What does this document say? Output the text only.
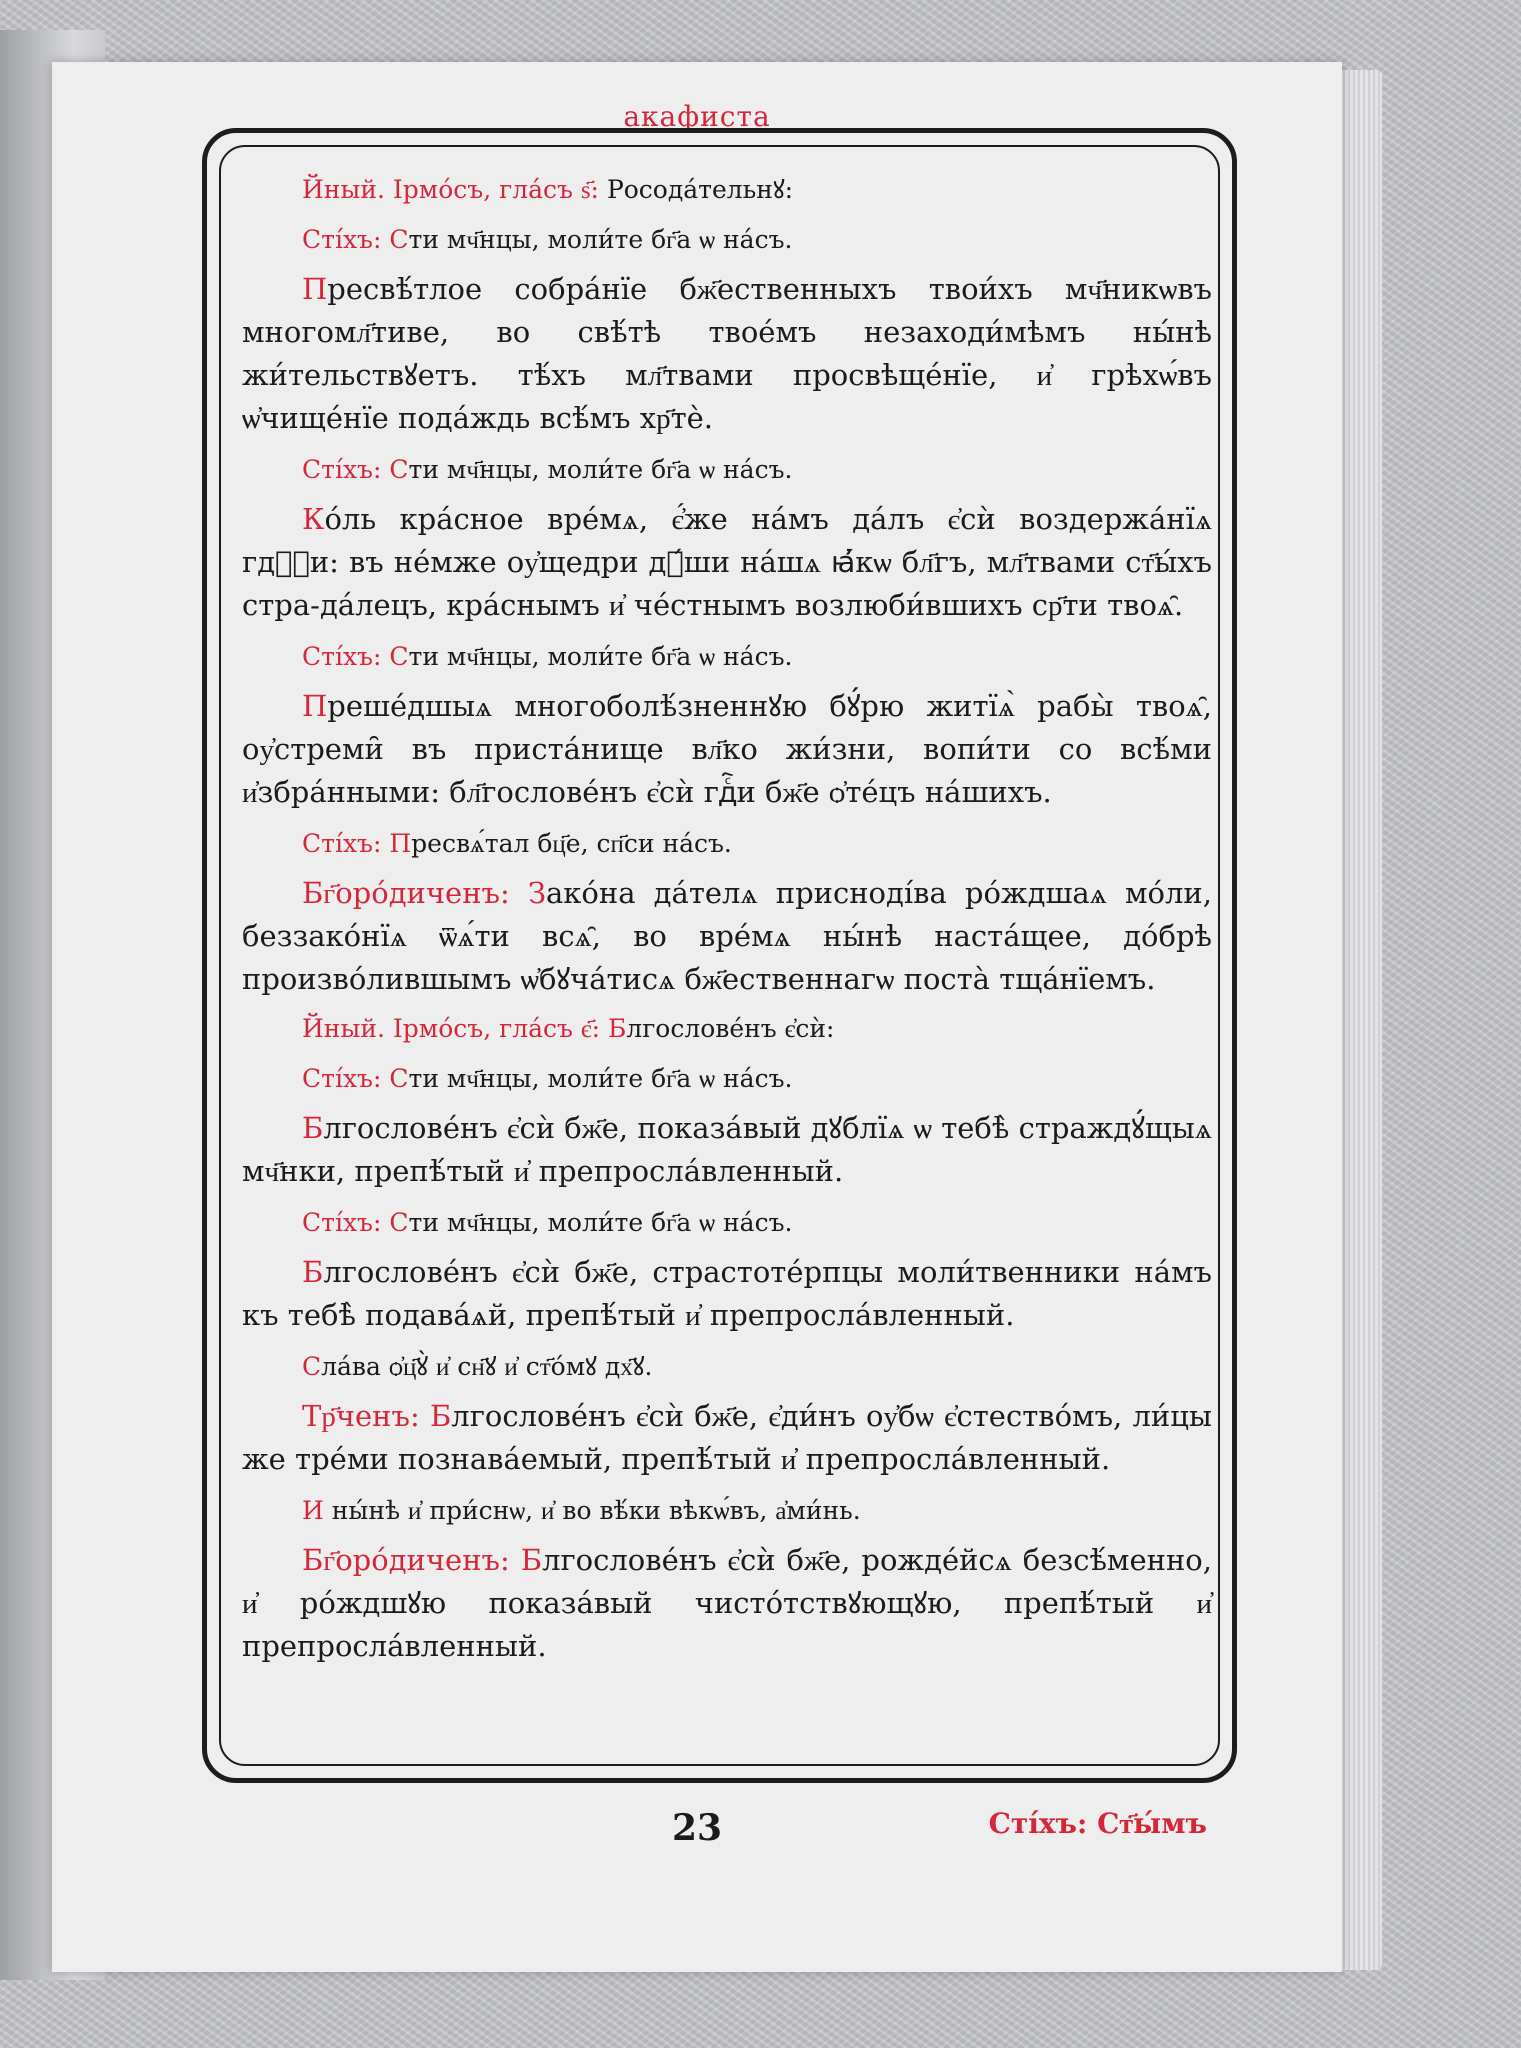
акафиста

Йный. Ірмо́съ, гла́съ ѕ҃: Росода́тельнꙋ:

Сті́хъ: Сти мч҃нцы, моли́те бг҃а ѡ на́съ.

Пресвѣ́тлое собра́нїе бж҃ественныхъ твои́хъ мч҃никѡвъ многомл҃тиве, во свѣ́тѣ твое́мъ незаходи́мѣмъ ны́нѣ жи́тельствꙋетъ. тѣ́хъ мл҃твами просвѣще́нїе, и҆ грѣхѡ́въ ѡ҆чище́нїе пода́ждь всѣ́мъ хр҃тѐ.

Сті́хъ: Сти мч҃нцы, моли́те бг҃а ѡ на́съ.

Ко́ль кра́сное вре́мѧ, є҆́же на́мъ да́лъ є҆сѝ воздержа́нїѧ гдⷭ҇и: въ не́мже оу҆щедри дꙋ́ши на́шѧ ꙗ҆́кѡ бл҃гъ, мл҃твами ст҃ы́хъ стра-да́лецъ, кра́снымъ и҆ че́стнымъ возлюби́вшихъ ср҃ти твоѧ̑.

Сті́хъ: Сти мч҃нцы, моли́те бг҃а ѡ на́съ.

Преше́дшыѧ многоболѣ́зненнꙋю бꙋ́рю житїѧ̀ рабы̀ твоѧ̑, оу҆стреми̑ въ приста́нище вл҃ко жи́зни, вопи́ти со всѣ́ми и҆збра́нными: бл҃гослове́нъ є҆сѝ гдⷭ҇и бж҃е ѻ҆те́цъ на́шихъ.

Сті́хъ: Пресвѧ́тал бц҃е, сп҃си на́съ.

Бг҃оро́диченъ: Зако́на да́телѧ присноді́ва ро́ждшаѧ мо́ли, беззако́нїѧ ѿѧ́ти всѧ̑, во вре́мѧ ны́нѣ наста́щее, до́брѣ произво́лившымъ ѡ҆бꙋча́тисѧ бж҃ественнагѡ поста̀ тща́нїемъ.

Йный. Ірмо́съ, гла́съ є҃: Блгослове́нъ є҆сѝ:

Сті́хъ: Сти мч҃нцы, моли́те бг҃а ѡ на́съ.

Блгослове́нъ є҆сѝ бж҃е, показа́вый дꙋблїѧ ѡ тебѣ̀ страждꙋ́щыѧ мч҃нки, препѣ́тый и҆ препросла́вленный.

Сті́хъ: Сти мч҃нцы, моли́те бг҃а ѡ на́съ.

Блгослове́нъ є҆сѝ бж҃е, страстоте́рпцы моли́твенники на́мъ къ тебѣ̀ подава́ѧй, препѣ́тый и҆ препросла́вленный.

Сла́ва ѻ҆ц҃ꙋ̀ и҆ сн҃ꙋ и҆ ст҃о́мꙋ дх҃ꙋ.

Тр҃ченъ: Блгослове́нъ є҆сѝ бж҃е, є҆ди́нъ оу҆бѡ є҆стество́мъ, ли́цы же тре́ми познава́емый, препѣ́тый и҆ препросла́вленный.

И ны́нѣ и҆ при́снѡ, и҆ во вѣ́ки вѣкѡ́въ, а҆ми́нь.

Бг҃оро́диченъ: Блгослове́нъ є҆сѝ бж҃е, рожде́йсѧ безсѣ́менно, и҆ ро́ждшꙋю показа́вый чисто́тствꙋющꙋю, препѣ́тый и҆ препросла́вленный.

23	Сті́хъ: Ст҃ы́мъ
